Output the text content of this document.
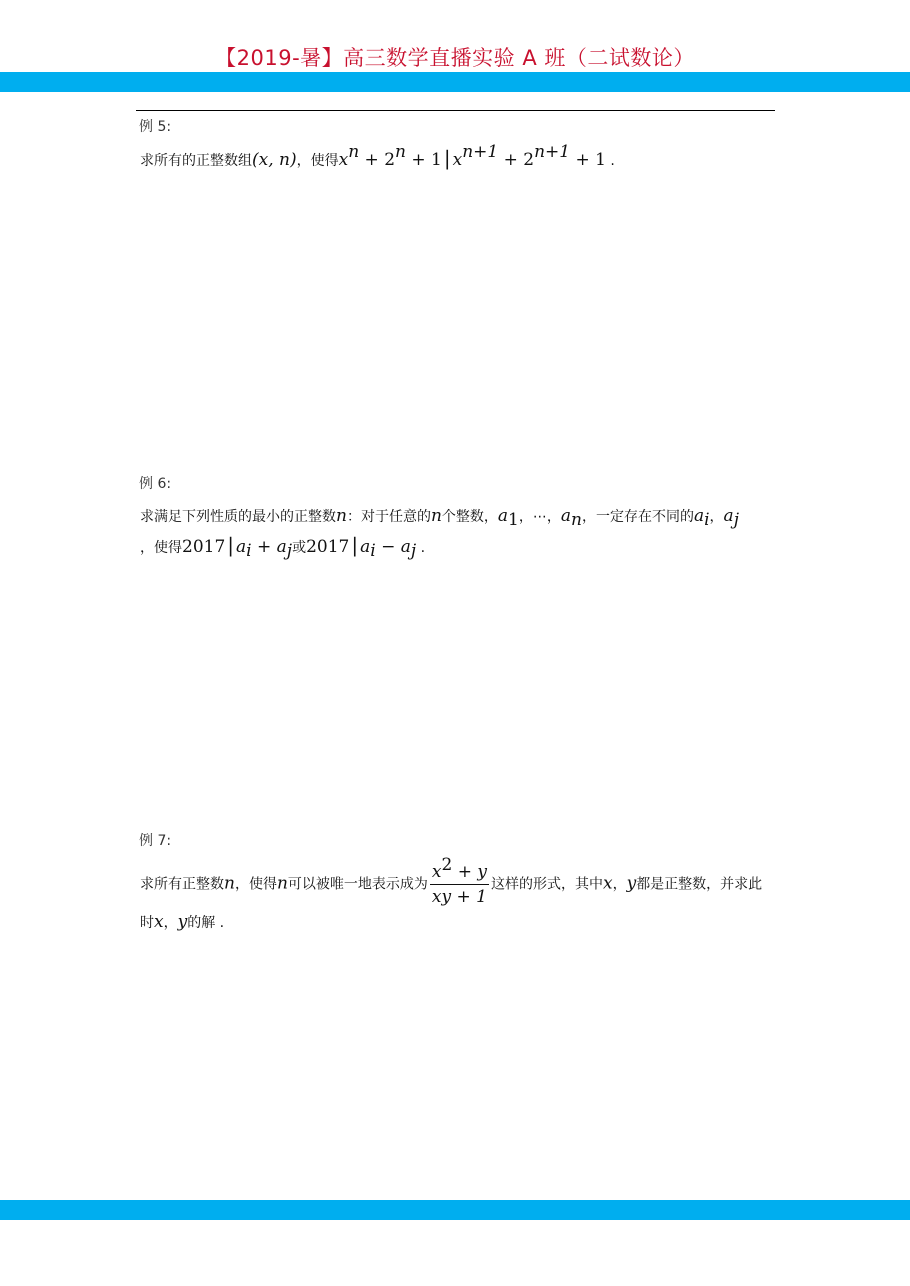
【2019-暑】高三数学直播实验 A 班（二试数论）
例 5:
求所有的正整数组(x, n)，使得$x^n + 2^n + 1$ | $x^{n+1} + 2^{n+1} + 1$ .
例 6:
求满足下列性质的最小的正整数n：对于任意的n个整数，$a_1$，⋯，$a_n$，一定存在不同的$a_i$，$a_j$
，使得2017 | $a_i + a_j$或2017 | $a_i - a_j$ .
例 7:
求所有正整数n，使得n可以被唯一地表示成为 $\frac{x^2 + y}{xy + 1}$ 这样的形式，其中x，y都是正整数，并求此时x，y的解 .
